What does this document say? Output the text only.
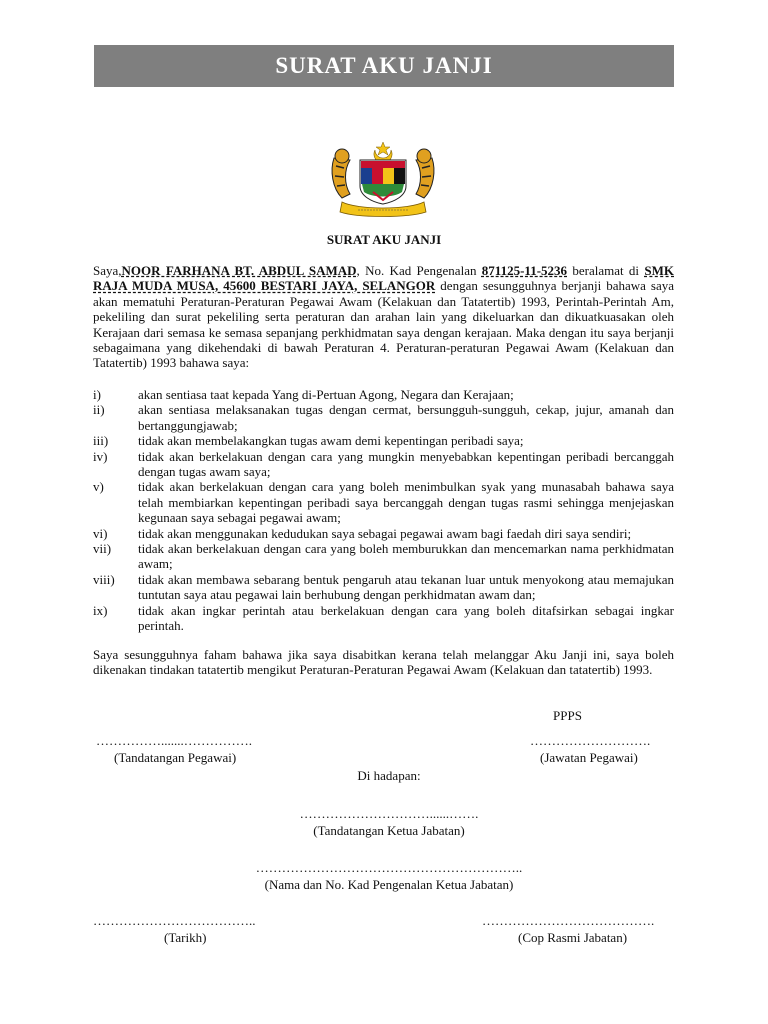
SURAT AKU JANJI
SURAT AKU JANJI
Saya,NOOR FARHANA BT. ABDUL SAMAD, No. Kad Pengenalan 871125-11-5236 beralamat di SMK RAJA MUDA MUSA, 45600 BESTARI JAYA, SELANGOR dengan sesungguhnya berjanji bahawa saya akan mematuhi Peraturan-Peraturan Pegawai Awam (Kelakuan dan Tatatertib) 1993, Perintah-Perintah Am, pekeliling dan surat pekeliling serta peraturan dan arahan lain yang dikeluarkan dan dikuatkuasakan oleh Kerajaan dari semasa ke semasa sepanjang perkhidmatan saya dengan kerajaan. Maka dengan itu saya berjanji sebagaimana yang dikehendaki di bawah Peraturan 4. Peraturan-peraturan Pegawai Awam (Kelakuan dan Tatatertib) 1993 bahawa saya:
i)	akan sentiasa taat kepada Yang di-Pertuan Agong, Negara dan Kerajaan;
ii)	akan sentiasa melaksanakan tugas dengan cermat, bersungguh-sungguh, cekap, jujur, amanah dan bertanggungjawab;
iii)	tidak akan membelakangkan tugas awam demi kepentingan peribadi saya;
iv)	tidak akan berkelakuan dengan cara yang mungkin menyebabkan kepentingan peribadi bercanggah dengan tugas awam saya;
v)	tidak akan berkelakuan dengan cara yang boleh menimbulkan syak yang munasabah bahawa saya telah membiarkan kepentingan peribadi saya bercanggah dengan tugas rasmi sehingga menjejaskan kegunaan saya sebagai pegawai awam;
vi)	tidak akan menggunakan kedudukan saya sebagai pegawai awam bagi faedah diri saya sendiri;
vii)	tidak akan berkelakuan dengan cara yang boleh memburukkan dan mencemarkan nama perkhidmatan awam;
viii)	tidak akan membawa sebarang bentuk pengaruh atau tekanan luar untuk menyokong atau memajukan tuntutan saya atau pegawai lain berhubung dengan perkhidmatan awam dan;
ix)	tidak akan ingkar perintah atau berkelakuan dengan cara yang boleh ditafsirkan sebagai ingkar perintah.
Saya sesungguhnya faham bahawa jika saya disabitkan kerana telah melanggar Aku Janji ini, saya boleh dikenakan tindakan tatatertib mengikut Peraturan-Peraturan Pegawai Awam (Kelakuan dan tatatertib) 1993.
PPPS
…………….......…………….	……………………….
(Tandatangan Pegawai)	(Jawatan Pegawai)
Di hadapan:
…………………………......…….
(Tandatangan Ketua Jabatan)
……………………………………………………..
(Nama dan No. Kad Pengenalan Ketua Jabatan)
………………………………..	………………………………….
(Tarikh)	(Cop Rasmi Jabatan)
